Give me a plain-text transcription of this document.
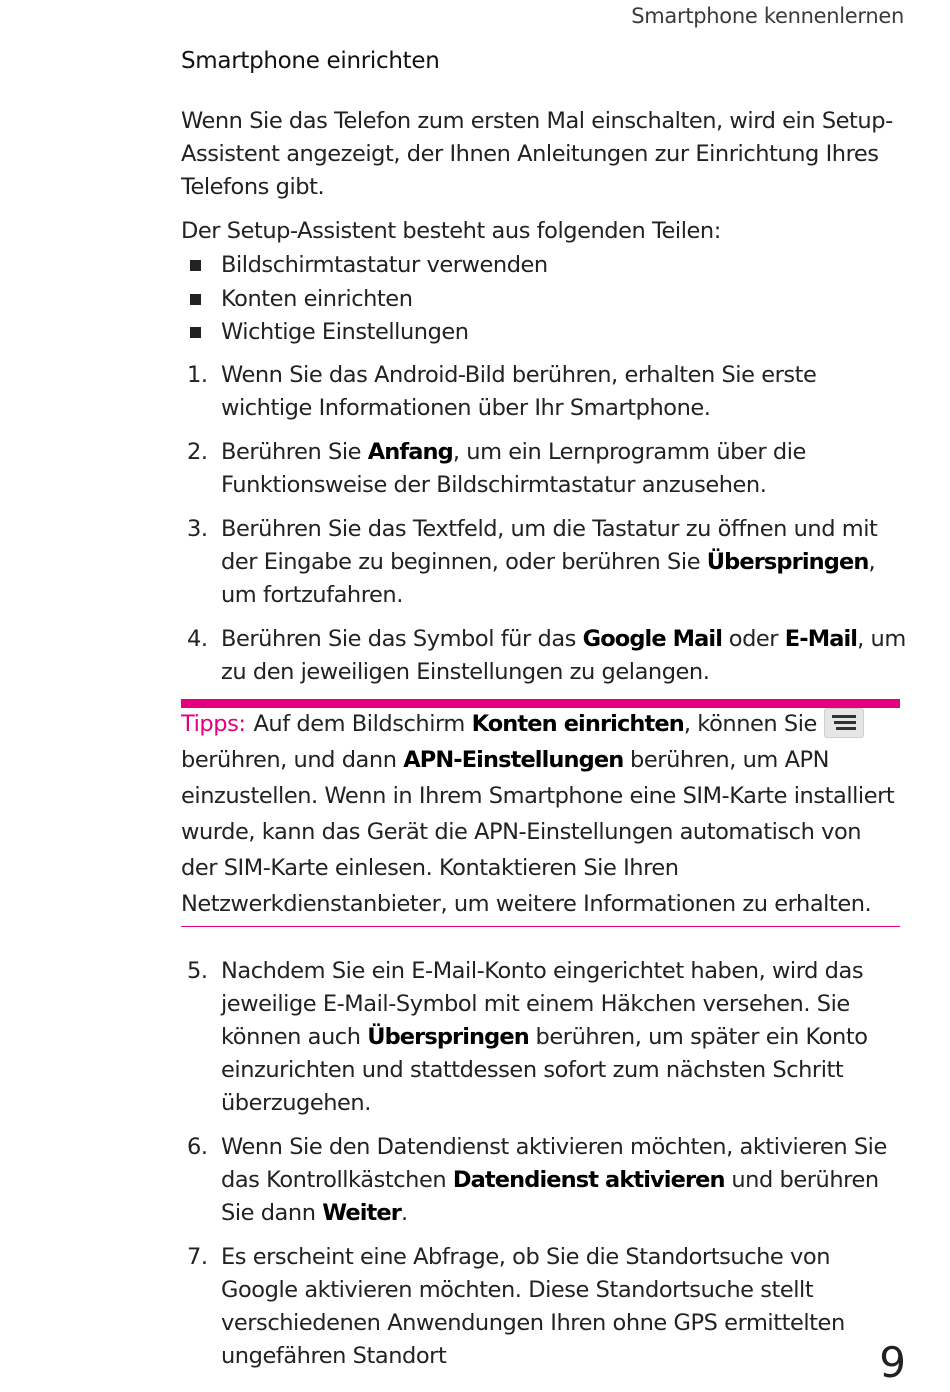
Smartphone kennenlernen
Smartphone einrichten
Wenn Sie das Telefon zum ersten Mal einschalten, wird ein Setup-Assistent angezeigt, der Ihnen Anleitungen zur Einrichtung Ihres Telefons gibt.
Der Setup-Assistent besteht aus folgenden Teilen:
Bildschirmtastatur verwenden
Konten einrichten
Wichtige Einstellungen
1. Wenn Sie das Android-Bild berühren, erhalten Sie erste wichtige Informationen über Ihr Smartphone.
2. Berühren Sie Anfang, um ein Lernprogramm über die Funktionsweise der Bildschirmtastatur anzusehen.
3. Berühren Sie das Textfeld, um die Tastatur zu öffnen und mit der Eingabe zu beginnen, oder berühren Sie Überspringen, um fortzufahren.
4. Berühren Sie das Symbol für das Google Mail oder E-Mail, um zu den jeweiligen Einstellungen zu gelangen.
Tipps: Auf dem Bildschirm Konten einrichten, können Sie
berühren, und dann APN-Einstellungen berühren, um APN einzustellen. Wenn in Ihrem Smartphone eine SIM-Karte installiert wurde, kann das Gerät die APN-Einstellungen automatisch von der SIM-Karte einlesen. Kontaktieren Sie Ihren Netzwerkdienstanbieter, um weitere Informationen zu erhalten.
5. Nachdem Sie ein E-Mail-Konto eingerichtet haben, wird das jeweilige E-Mail-Symbol mit einem Häkchen versehen. Sie können auch Überspringen berühren, um später ein Konto einzurichten und stattdessen sofort zum nächsten Schritt überzugehen.
6. Wenn Sie den Datendienst aktivieren möchten, aktivieren Sie das Kontrollkästchen Datendienst aktivieren und berühren Sie dann Weiter.
7. Es erscheint eine Abfrage, ob Sie die Standortsuche von Google aktivieren möchten. Diese Standortsuche stellt verschiedenen Anwendungen Ihren ohne GPS ermittelten ungefähren Standort	9
